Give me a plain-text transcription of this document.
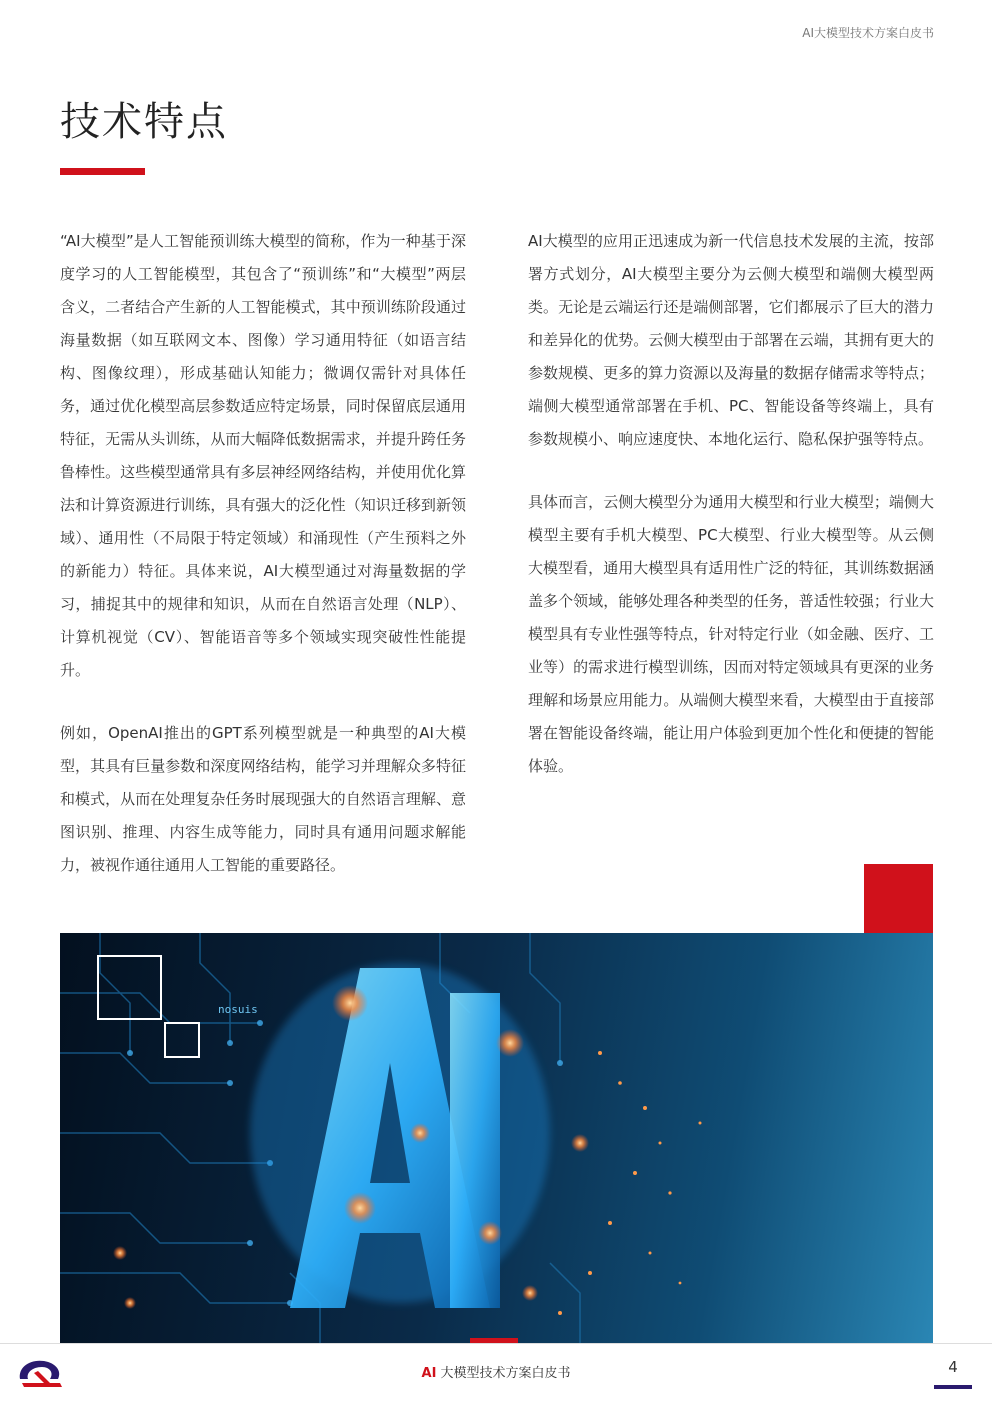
AI大模型技术方案白皮书
技术特点

“AI大模型”是人工智能预训练大模型的简称，作为一种基于深度学习的人工智能模型，其包含了“预训练”和“大模型”两层含义，二者结合产生新的人工智能模式，其中预训练阶段通过海量数据（如互联网文本、图像）学习通用特征（如语言结构、图像纹理），形成基础认知能力；微调仅需针对具体任务，通过优化模型高层参数适应特定场景，同时保留底层通用特征，无需从头训练，从而大幅降低数据需求，并提升跨任务鲁棒性。这些模型通常具有多层神经网络结构，并使用优化算法和计算资源进行训练，具有强大的泛化性（知识迁移到新领域）、通用性（不局限于特定领域）和涌现性（产生预料之外的新能力）特征。具体来说，AI大模型通过对海量数据的学习，捕捉其中的规律和知识，从而在自然语言处理（NLP）、计算机视觉（CV）、智能语音等多个领域实现突破性性能提升。

例如，OpenAI推出的GPT系列模型就是一种典型的AI大模型，其具有巨量参数和深度网络结构，能学习并理解众多特征和模式，从而在处理复杂任务时展现强大的自然语言理解、意图识别、推理、内容生成等能力，同时具有通用问题求解能力，被视作通往通用人工智能的重要路径。

AI大模型的应用正迅速成为新一代信息技术发展的主流，按部署方式划分，AI大模型主要分为云侧大模型和端侧大模型两类。无论是云端运行还是端侧部署，它们都展示了巨大的潜力和差异化的优势。云侧大模型由于部署在云端，其拥有更大的参数规模、更多的算力资源以及海量的数据存储需求等特点；端侧大模型通常部署在手机、PC、智能设备等终端上，具有参数规模小、响应速度快、本地化运行、隐私保护强等特点。

具体而言，云侧大模型分为通用大模型和行业大模型；端侧大模型主要有手机大模型、PC大模型、行业大模型等。从云侧大模型看，通用大模型具有适用性广泛的特征，其训练数据涵盖多个领域，能够处理各种类型的任务，普适性较强；行业大模型具有专业性强等特点，针对特定行业（如金融、医疗、工业等）的需求进行模型训练，因而对特定领域具有更深的业务理解和场景应用能力。从端侧大模型来看，大模型由于直接部署在智能设备终端，能让用户体验到更加个性化和便捷的智能体验。

nosuis
AI 大模型技术方案白皮书	4
